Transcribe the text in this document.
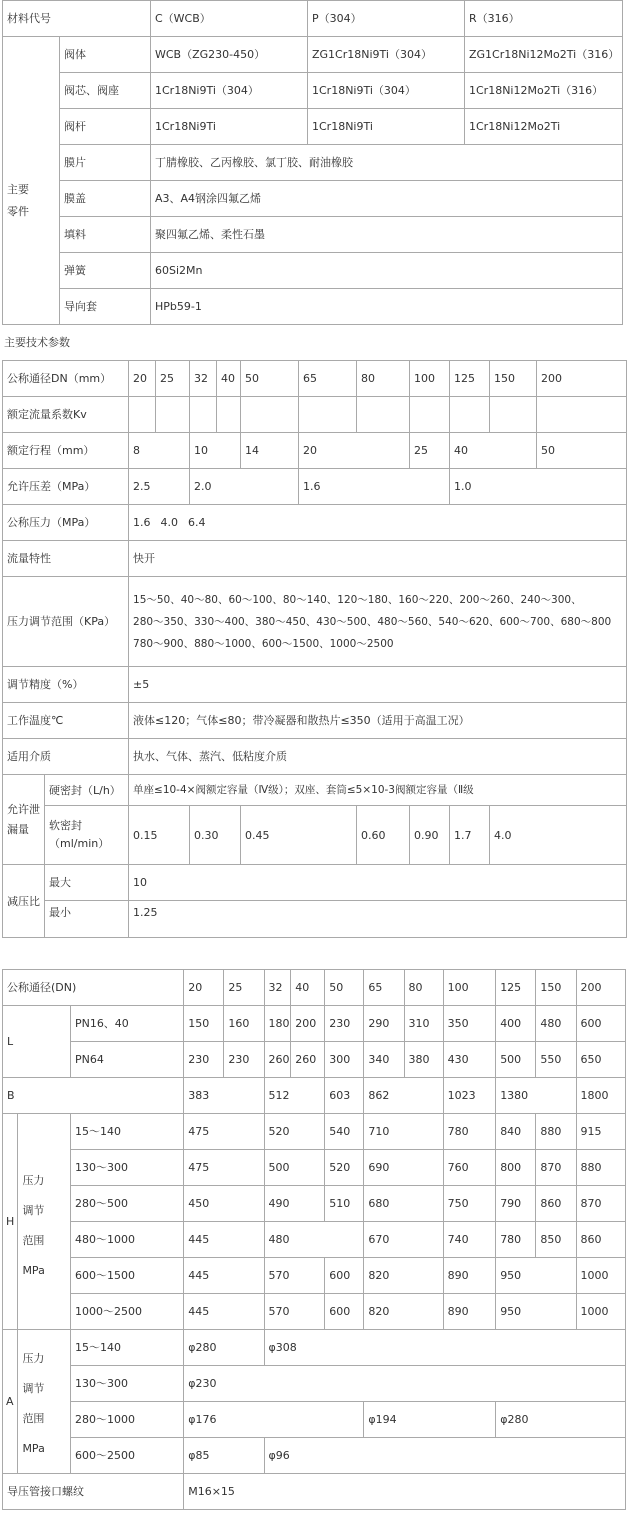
材料代号		C（WCB）	P（304）	R（316）
主要
零件	阀体	WCB（ZG230-450）	ZG1Cr18Ni9Ti（304）	ZG1Cr18Ni12Mo2Ti（316）
	阀芯、阀座	1Cr18Ni9Ti（304）	1Cr18Ni9Ti（304）	1Cr18Ni12Mo2Ti（316）
	阀杆	1Cr18Ni9Ti	1Cr18Ni9Ti	1Cr18Ni12Mo2Ti
	膜片	丁腈橡胶、乙丙橡胶、氯丁胶、耐油橡胶		
	膜盖	A3、A4钢涂四氟乙烯		
	填料	聚四氟乙烯、柔性石墨		
	弹簧	60Si2Mn		
	导向套	HPb59-1		
主要技术参数
公称通径DN（mm）		20	25	32	40	50	65	80	100	125	150	200	
额定流量系数Kv													
额定行程（mm）		8		10		14	20		25	40		50	
允许压差（MPa）		2.5		2.0			1.6			1.0			
公称压力（MPa）		1.6 4.0 6.4											
流量特性		快开											
压力调节范围（KPa）		15～50、40～80、60～100、80～140、120～180、160～220、200～260、240～300、
280～350、330～400、380～450、430～500、480～560、540～620、600～700、680～800　780～900、880～1000、600～1500、1000～2500											
调节精度（%）		±5											
工作温度℃		液体≤120；气体≤80；带冷凝器和散热片≤350（适用于高温工况）											
适用介质		执水、气体、蒸汽、低粘度介质											
允许泄漏量	硬密封（L/h）	单座≤10-4×阀额定容量（Ⅳ级）；双座、套筒≤5×10-3阀额定容量（Ⅱ级											
	软密封（ml/min）	0.15		0.30		0.45		0.60	0.90	1.7	4.0	
减压比	最大	10											
	最小	1.25											
公称通径(DN)			20	25	32	40	50	65	80	100	125	150	200
L		PN16、40	150	160	180	200	230	290	310	350	400	480	600
		PN64	230	230	260	260	300	340	380	430	500	550	650
B			383		512		603	862		1023	1380		1800
H	压力
调节
范围
MPa	15～140	475		520		540	710		780	840	880	915
		130～300	475		500		520	690		760	800	870	880
		280～500	450		490		510	680		750	790	860	870
		480～1000	445		480			670		740	780	850	860
		600～1500	445		570		600	820		890	950		1000
		1000～2500	445		570		600	820		890	950		1000
A	压力
调节
范围
MPa	15～140	φ280		φ308								
		130～300	φ230										
		280～1000	φ176					φ194			φ280		
		600～2500	φ85		φ96								
导压管接口螺纹			M16×15										
